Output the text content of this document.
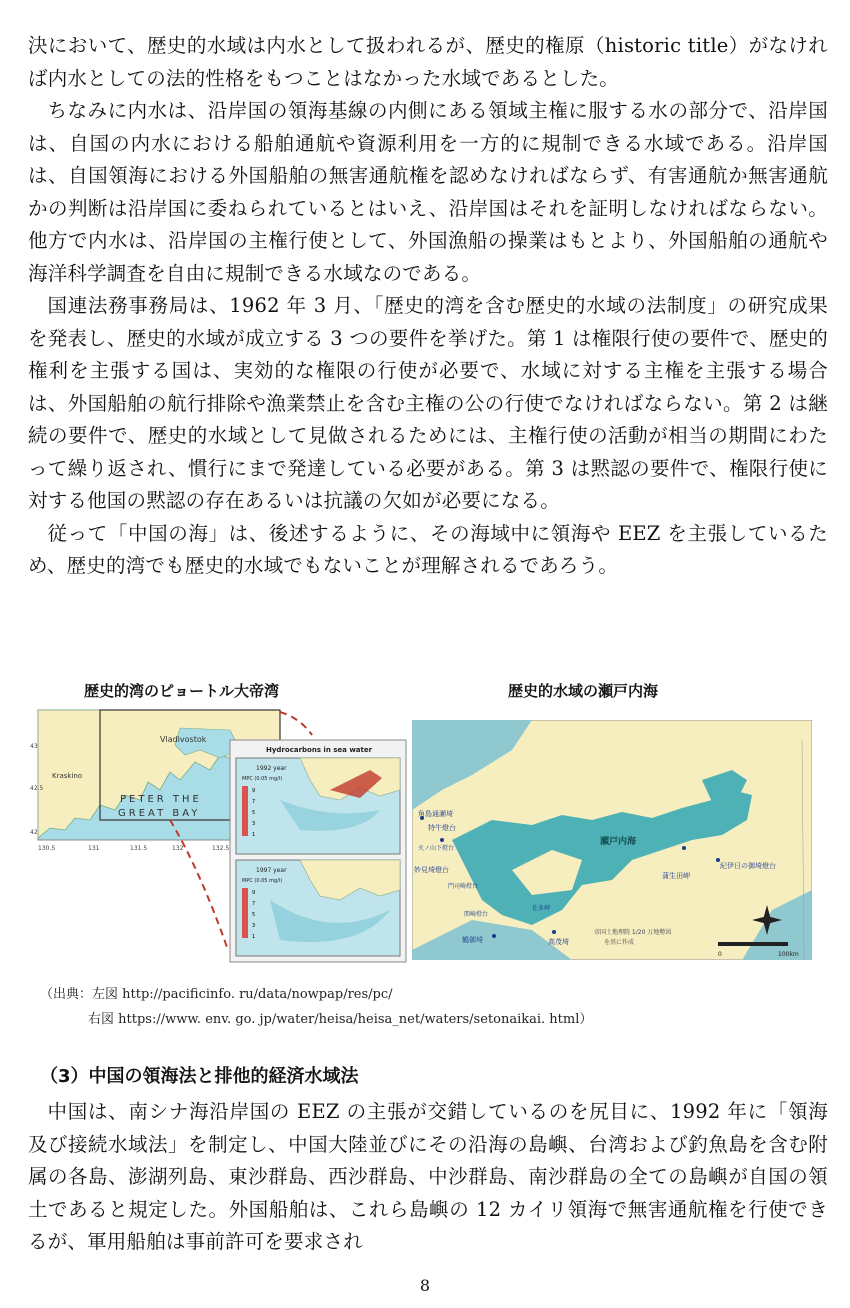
決において、歴史的水域は内水として扱われるが、歴史的権原（historic title）がなければ内水としての法的性格をもつことはなかった水域であるとした。

ちなみに内水は、沿岸国の領海基線の内側にある領域主権に服する水の部分で、沿岸国は、自国の内水における船舶通航や資源利用を一方的に規制できる水域である。沿岸国は、自国領海における外国船舶の無害通航権を認めなければならず、有害通航か無害通航かの判断は沿岸国に委ねられているとはいえ、沿岸国はそれを証明しなければならない。他方で内水は、沿岸国の主権行使として、外国漁船の操業はもとより、外国船舶の通航や海洋科学調査を自由に規制できる水域なのである。

国連法務事務局は、1962 年 3 月、「歴史的湾を含む歴史的水域の法制度」の研究成果を発表し、歴史的水域が成立する 3 つの要件を挙げた。第 1 は権限行使の要件で、歴史的権利を主張する国は、実効的な権限の行使が必要で、水域に対する主権を主張する場合は、外国船舶の航行排除や漁業禁止を含む主権の公の行使でなければならない。第 2 は継続の要件で、歴史的水域として見做されるためには、主権行使の活動が相当の期間にわたって繰り返され、慣行にまで発達している必要がある。第 3 は黙認の要件で、権限行使に対する他国の黙認の存在あるいは抗議の欠如が必要になる。

従って「中国の海」は、後述するように、その海域中に領海や EEZ を主張しているため、歴史的湾でも歴史的水域でもないことが理解されるであろう。

歴史的湾のピョートル大帝湾	歴史的水域の瀬戸内海
Vladivostok
Kraskino
PETER THE
GREAT BAY
43
42.5
42
130.5	131	131.5	132	132.5
Hydrocarbons in sea water
1992 year
MPC (0.05 mg/l)
9
7
5
3
1
1997 year
MPC (0.05 mg/l)
9
7
5
3
1
角島通瀬埼
特牛燈台
火ノ山下燈台
妙見埼燈台
門司崎燈台
関崎燈台
佐多岬
鶴御埼	高茂埼
瀬戸内海
蒲生田岬
紀伊日の御埼燈台
帝国土地理院 1/20 万地勢図
を基に作成
0	100km
（出典：左図 http://pacificinfo. ru/data/nowpap/res/pc/
右図 https://www. env. go. jp/water/heisa/heisa_net/waters/setonaikai. html）
（3）中国の領海法と排他的経済水域法

中国は、南シナ海沿岸国の EEZ の主張が交錯しているのを尻目に、1992 年に「領海及び接続水域法」を制定し、中国大陸並びにその沿海の島嶼、台湾および釣魚島を含む附属の各島、澎湖列島、東沙群島、西沙群島、中沙群島、南沙群島の全ての島嶼が自国の領土であると規定した。外国船舶は、これら島嶼の 12 カイリ領海で無害通航権を行使できるが、軍用船舶は事前許可を要求され

8
